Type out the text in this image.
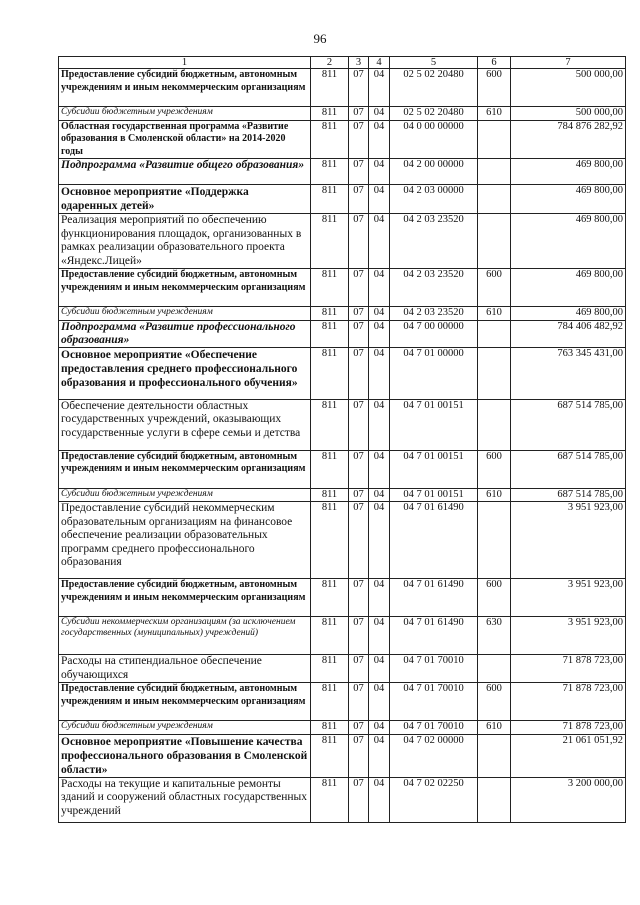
96
1	2	3	4	5	6	7
Предоставление субсидий бюджетным, автономным учреждениям и иным некоммерческим организациям	811	07	04	02 5 02 20480	600	500 000,00
Субсидии бюджетным учреждениям	811	07	04	02 5 02 20480	610	500 000,00
Областная государственная программа «Развитие образования в Смоленской области» на 2014-2020 годы	811	07	04	04 0 00 00000		784 876 282,92
Подпрограмма «Развитие общего образования»	811	07	04	04 2 00 00000		469 800,00
Основное мероприятие «Поддержка одаренных детей»	811	07	04	04 2 03 00000		469 800,00
Реализация мероприятий по обеспечению функционирования площадок, организованных в рамках реализации образовательного проекта «Яндекс.Лицей»	811	07	04	04 2 03 23520		469 800,00
Предоставление субсидий бюджетным, автономным учреждениям и иным некоммерческим организациям	811	07	04	04 2 03 23520	600	469 800,00
Субсидии бюджетным учреждениям	811	07	04	04 2 03 23520	610	469 800,00
Подпрограмма «Развитие профессионального образования»	811	07	04	04 7 00 00000		784 406 482,92
Основное мероприятие «Обеспечение предоставления среднего профессионального образования и профессионального обучения»	811	07	04	04 7 01 00000		763 345 431,00
Обеспечение деятельности областных государственных учреждений, оказывающих государственные услуги в сфере семьи и детства	811	07	04	04 7 01 00151		687 514 785,00
Предоставление субсидий бюджетным, автономным учреждениям и иным некоммерческим организациям	811	07	04	04 7 01 00151	600	687 514 785,00
Субсидии бюджетным учреждениям	811	07	04	04 7 01 00151	610	687 514 785,00
Предоставление субсидий некоммерческим образовательным организациям на финансовое обеспечение реализации образовательных программ среднего профессионального образования	811	07	04	04 7 01 61490		3 951 923,00
Предоставление субсидий бюджетным, автономным учреждениям и иным некоммерческим организациям	811	07	04	04 7 01 61490	600	3 951 923,00
Субсидии некоммерческим организациям (за исключением государственных (муниципальных) учреждений)	811	07	04	04 7 01 61490	630	3 951 923,00
Расходы на стипендиальное обеспечение обучающихся	811	07	04	04 7 01 70010		71 878 723,00
Предоставление субсидий бюджетным, автономным учреждениям и иным некоммерческим организациям	811	07	04	04 7 01 70010	600	71 878 723,00
Субсидии бюджетным учреждениям	811	07	04	04 7 01 70010	610	71 878 723,00
Основное мероприятие «Повышение качества профессионального образования в Смоленской области»	811	07	04	04 7 02 00000		21 061 051,92
Расходы на текущие и капитальные ремонты зданий и сооружений областных государственных учреждений	811	07	04	04 7 02 02250		3 200 000,00
